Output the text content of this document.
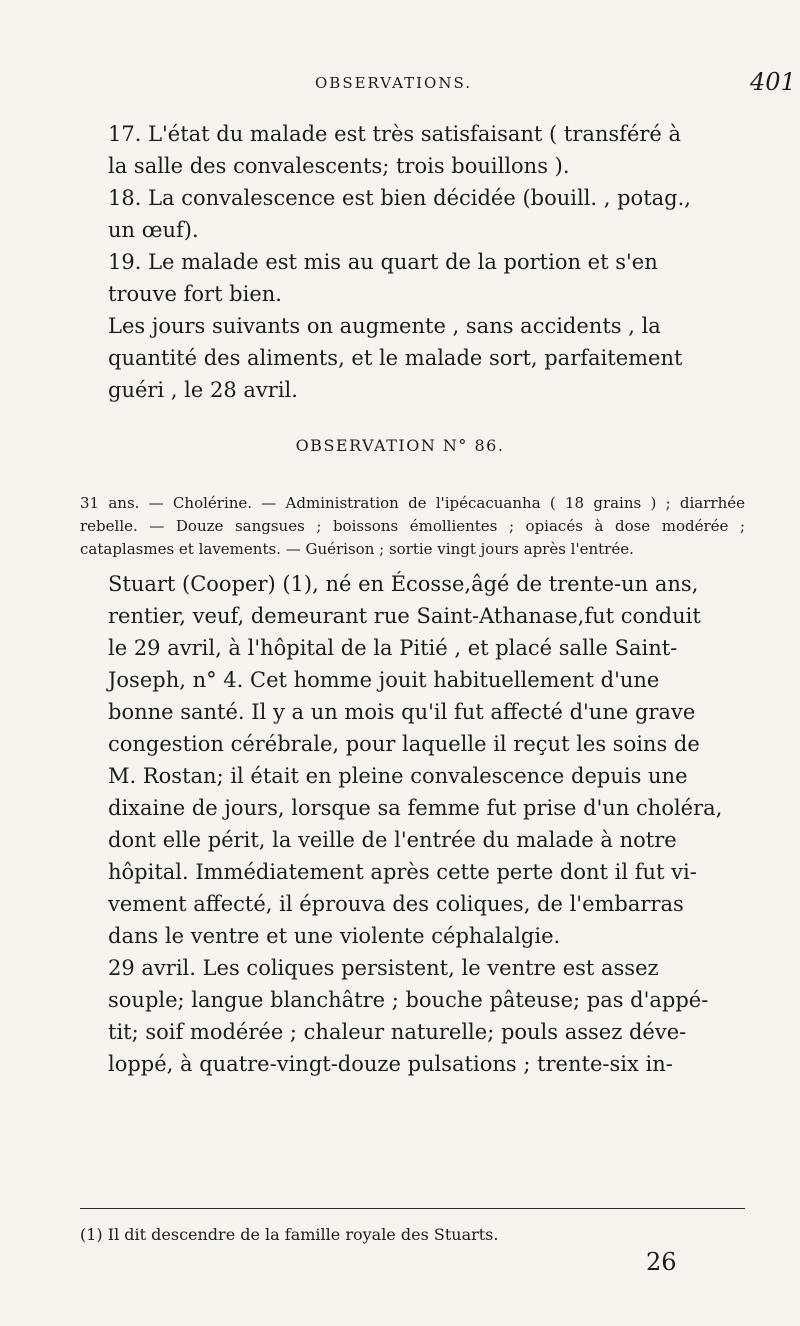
OBSERVATIONS.	401

17. L'état du malade est très satisfaisant ( transféré à
la salle des convalescents; trois bouillons ).

18. La convalescence est bien décidée (bouill. , potag.,
un œuf).

19. Le malade est mis au quart de la portion et s'en
trouve fort bien.

Les jours suivants on augmente , sans accidents , la
quantité des aliments, et le malade sort, parfaitement
guéri , le 28 avril.

OBSERVATION N° 86.

31 ans. — Cholérine. — Administration de l'ipécacuanha ( 18 grains ) ; diarrhée rebelle. — Douze sangsues ; boissons émollientes ; opiacés à dose modérée ; cataplasmes et lavements. — Guérison ; sortie vingt jours après l'entrée.

Stuart (Cooper) (1), né en Écosse,âgé de trente-un ans,
rentier, veuf, demeurant rue Saint-Athanase,fut conduit
le 29 avril, à l'hôpital de la Pitié , et placé salle Saint-
Joseph, n° 4. Cet homme jouit habituellement d'une
bonne santé. Il y a un mois qu'il fut affecté d'une grave
congestion cérébrale, pour laquelle il reçut les soins de
M. Rostan; il était en pleine convalescence depuis une
dixaine de jours, lorsque sa femme fut prise d'un choléra,
dont elle périt, la veille de l'entrée du malade à notre
hôpital. Immédiatement après cette perte dont il fut vi-
vement affecté, il éprouva des coliques, de l'embarras
dans le ventre et une violente céphalalgie.

29 avril. Les coliques persistent, le ventre est assez
souple; langue blanchâtre ; bouche pâteuse; pas d'appé-
tit; soif modérée ; chaleur naturelle; pouls assez déve-
loppé, à quatre-vingt-douze pulsations ; trente-six in-

(1) Il dit descendre de la famille royale des Stuarts.

26
